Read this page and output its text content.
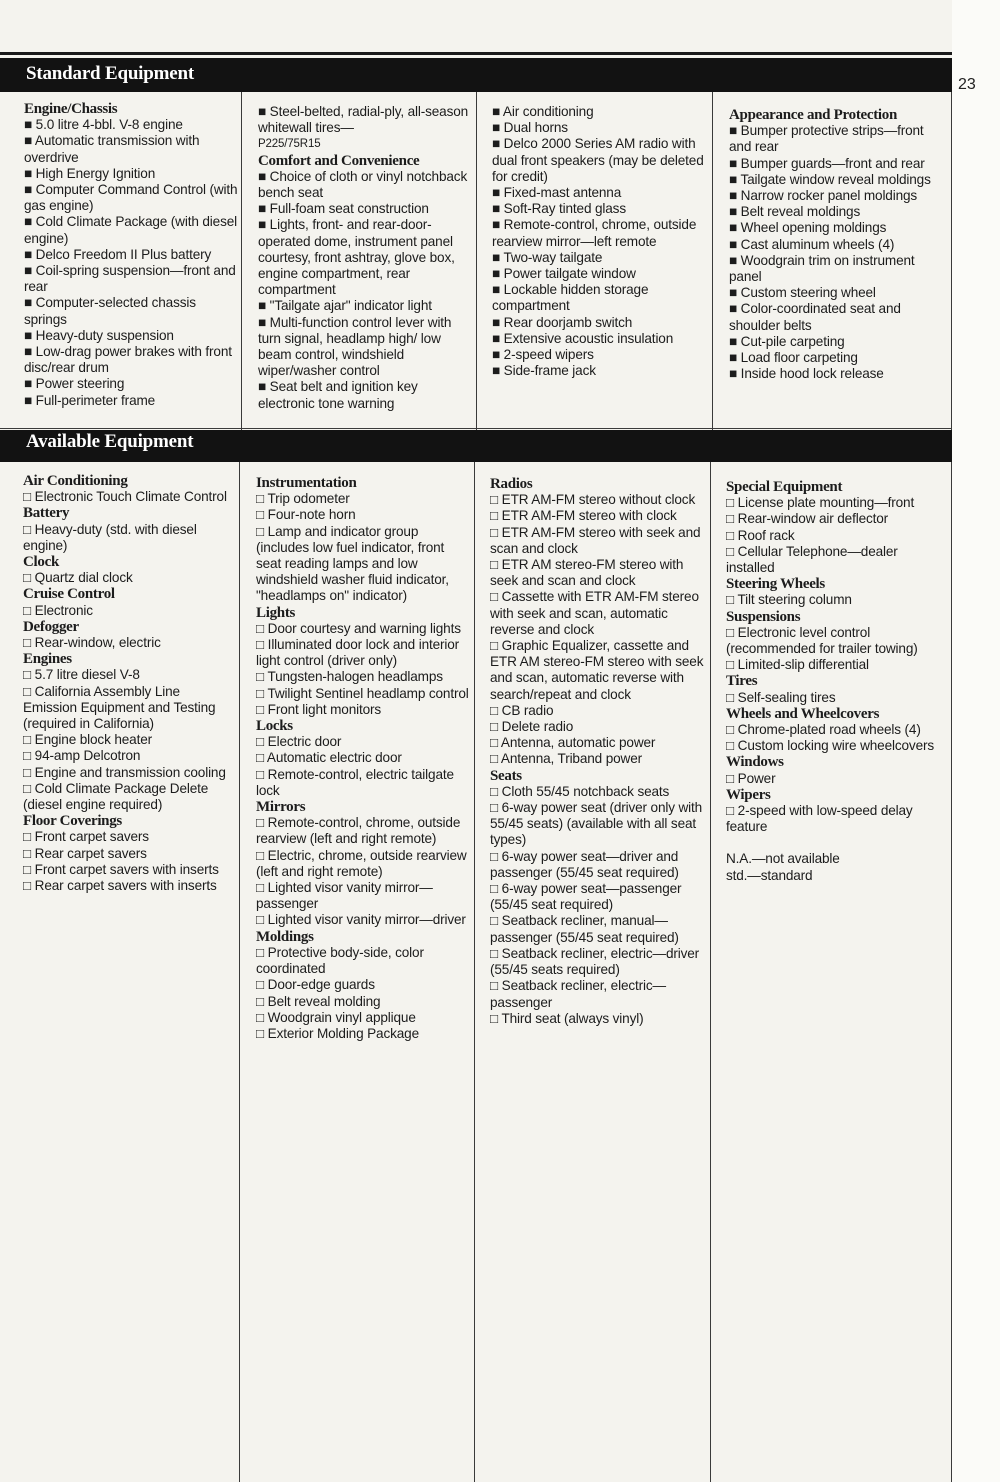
23
Standard Equipment
Available Equipment
Engine/Chassis
■ 5.0 litre 4-bbl. V-8 engine
■ Automatic transmission with overdrive
■ High Energy Ignition
■ Computer Command Control (with gas engine)
■ Cold Climate Package (with diesel engine)
■ Delco Freedom II Plus battery
■ Coil-spring suspension—front and rear
■ Computer-selected chassis springs
■ Heavy-duty suspension
■ Low-drag power brakes with front disc/rear drum
■ Power steering
■ Full-perimeter frame
■ Steel-belted, radial-ply, all-season whitewall tires—
P225/75R15
Comfort and Convenience
■ Choice of cloth or vinyl notchback bench seat
■ Full-foam seat construction
■ Lights, front- and rear-door-operated dome, instrument panel courtesy, front ashtray, glove box, engine compartment, rear compartment
■ "Tailgate ajar" indicator light
■ Multi-function control lever with turn signal, headlamp high/ low beam control, windshield wiper/washer control
■ Seat belt and ignition key electronic tone warning
■ Air conditioning
■ Dual horns
■ Delco 2000 Series AM radio with dual front speakers (may be deleted for credit)
■ Fixed-mast antenna
■ Soft-Ray tinted glass
■ Remote-control, chrome, outside rearview mirror—left remote
■ Two-way tailgate
■ Power tailgate window
■ Lockable hidden storage compartment
■ Rear doorjamb switch
■ Extensive acoustic insulation
■ 2-speed wipers
■ Side-frame jack
Appearance and Protection
■ Bumper protective strips—front and rear
■ Bumper guards—front and rear
■ Tailgate window reveal moldings
■ Narrow rocker panel moldings
■ Belt reveal moldings
■ Wheel opening moldings
■ Cast aluminum wheels (4)
■ Woodgrain trim on instrument panel
■ Custom steering wheel
■ Color-coordinated seat and shoulder belts
■ Cut-pile carpeting
■ Load floor carpeting
■ Inside hood lock release
Air Conditioning
□ Electronic Touch Climate Control
Battery
□ Heavy-duty (std. with diesel engine)
Clock
□ Quartz dial clock
Cruise Control
□ Electronic
Defogger
□ Rear-window, electric
Engines
□ 5.7 litre diesel V-8
□ California Assembly Line Emission Equipment and Testing (required in California)
□ Engine block heater
□ 94-amp Delcotron
□ Engine and transmission cooling
□ Cold Climate Package Delete (diesel engine required)
Floor Coverings
□ Front carpet savers
□ Rear carpet savers
□ Front carpet savers with inserts
□ Rear carpet savers with inserts
Instrumentation
□ Trip odometer
□ Four-note horn
□ Lamp and indicator group (includes low fuel indicator, front seat reading lamps and low windshield washer fluid indicator, "headlamps on" indicator)
Lights
□ Door courtesy and warning lights
□ Illuminated door lock and interior light control (driver only)
□ Tungsten-halogen headlamps
□ Twilight Sentinel headlamp control
□ Front light monitors
Locks
□ Electric door
□ Automatic electric door
□ Remote-control, electric tailgate lock
Mirrors
□ Remote-control, chrome, outside rearview (left and right remote)
□ Electric, chrome, outside rearview (left and right remote)
□ Lighted visor vanity mirror—passenger
□ Lighted visor vanity mirror—driver
Moldings
□ Protective body-side, color coordinated
□ Door-edge guards
□ Belt reveal molding
□ Woodgrain vinyl applique
□ Exterior Molding Package
Radios
□ ETR AM-FM stereo without clock
□ ETR AM-FM stereo with clock
□ ETR AM-FM stereo with seek and scan and clock
□ ETR AM stereo-FM stereo with seek and scan and clock
□ Cassette with ETR AM-FM stereo with seek and scan, automatic reverse and clock
□ Graphic Equalizer, cassette and ETR AM stereo-FM stereo with seek and scan, automatic reverse with search/repeat and clock
□ CB radio
□ Delete radio
□ Antenna, automatic power
□ Antenna, Triband power
Seats
□ Cloth 55/45 notchback seats
□ 6-way power seat (driver only with 55/45 seats) (available with all seat types)
□ 6-way power seat—driver and passenger (55/45 seat required)
□ 6-way power seat—passenger (55/45 seat required)
□ Seatback recliner, manual—passenger (55/45 seat required)
□ Seatback recliner, electric—driver (55/45 seats required)
□ Seatback recliner, electric—passenger
□ Third seat (always vinyl)
Special Equipment
□ License plate mounting—front
□ Rear-window air deflector
□ Roof rack
□ Cellular Telephone—dealer installed
Steering Wheels
□ Tilt steering column
Suspensions
□ Electronic level control (recommended for trailer towing)
□ Limited-slip differential
Tires
□ Self-sealing tires
Wheels and Wheelcovers
□ Chrome-plated road wheels (4)
□ Custom locking wire wheelcovers
Windows
□ Power
Wipers
□ 2-speed with low-speed delay feature
N.A.—not available
std.—standard
